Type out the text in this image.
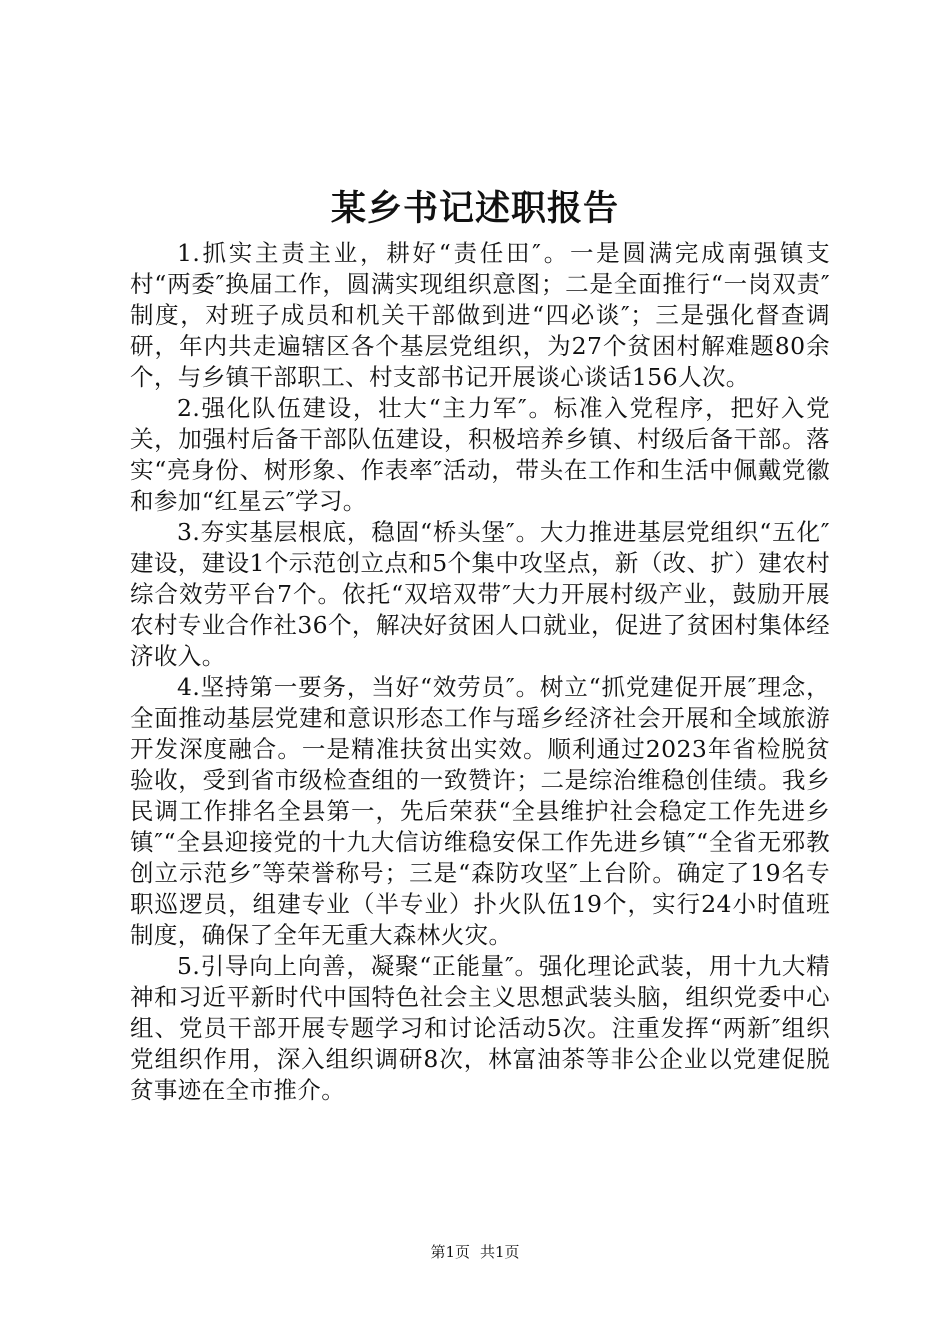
某乡书记述职报告

1.抓实主责主业，耕好“责任田″。一是圆满完成南强镇支村“两委″换届工作，圆满实现组织意图；二是全面推行“一岗双责″制度，对班子成员和机关干部做到进“四必谈″；三是强化督查调研，年内共走遍辖区各个基层党组织，为27个贫困村解难题80余个，与乡镇干部职工、村支部书记开展谈心谈话156人次。

2.强化队伍建设，壮大“主力军″。标准入党程序，把好入党关，加强村后备干部队伍建设，积极培养乡镇、村级后备干部。落实“亮身份、树形象、作表率″活动，带头在工作和生活中佩戴党徽和参加“红星云″学习。

3.夯实基层根底，稳固“桥头堡″。大力推进基层党组织“五化″建设，建设1个示范创立点和5个集中攻坚点，新（改、扩）建农村综合效劳平台7个。依托“双培双带″大力开展村级产业，鼓励开展农村专业合作社36个，解决好贫困人口就业，促进了贫困村集体经济收入。

4.坚持第一要务，当好“效劳员″。树立“抓党建促开展″理念，全面推动基层党建和意识形态工作与瑶乡经济社会开展和全域旅游开发深度融合。一是精准扶贫出实效。顺利通过2023年省检脱贫验收，受到省市级检查组的一致赞许；二是综治维稳创佳绩。我乡民调工作排名全县第一，先后荣获“全县维护社会稳定工作先进乡镇″“全县迎接党的十九大信访维稳安保工作先进乡镇″“全省无邪教创立示范乡″等荣誉称号；三是“森防攻坚″上台阶。确定了19名专职巡逻员，组建专业（半专业）扑火队伍19个，实行24小时值班制度，确保了全年无重大森林火灾。

5.引导向上向善，凝聚“正能量″。强化理论武装，用十九大精神和习近平新时代中国特色社会主义思想武装头脑，组织党委中心组、党员干部开展专题学习和讨论活动5次。注重发挥“两新″组织党组织作用，深入组织调研8次，林富油茶等非公企业以党建促脱贫事迹在全市推介。

第1页 共1页
